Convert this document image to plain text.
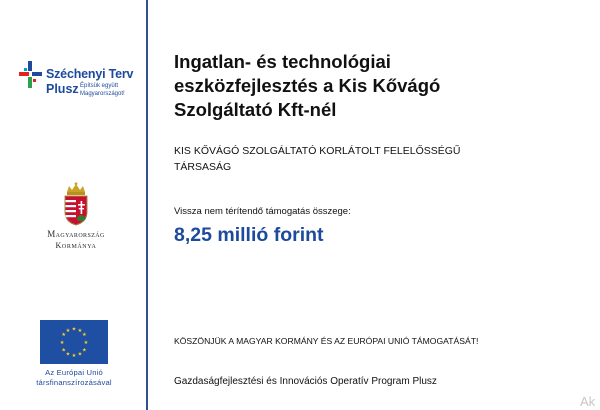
Széchenyi Terv
Plusz Építsük együtt
Magyarországot!
Magyarország
Kormánya
★ ★
★
★
★
★
★
★
★
★
★
★
Az Európai Unió
társfinanszírozásával
Ingatlan- és technológiai
eszközfejlesztés a Kis Kővágó
Szolgáltató Kft-nél
KIS KŐVÁGÓ SZOLGÁLTATÓ KORLÁTOLT FELELŐSSÉGŰ
TÁRSASÁG
Vissza nem térítendő támogatás összege:
8,25 millió forint
KÖSZÖNJÜK A MAGYAR KORMÁNY ÉS AZ EURÓPAI UNIÓ TÁMOGATÁSÁT!
Gazdaságfejlesztési és Innovációs Operatív Program Plusz
Ak
